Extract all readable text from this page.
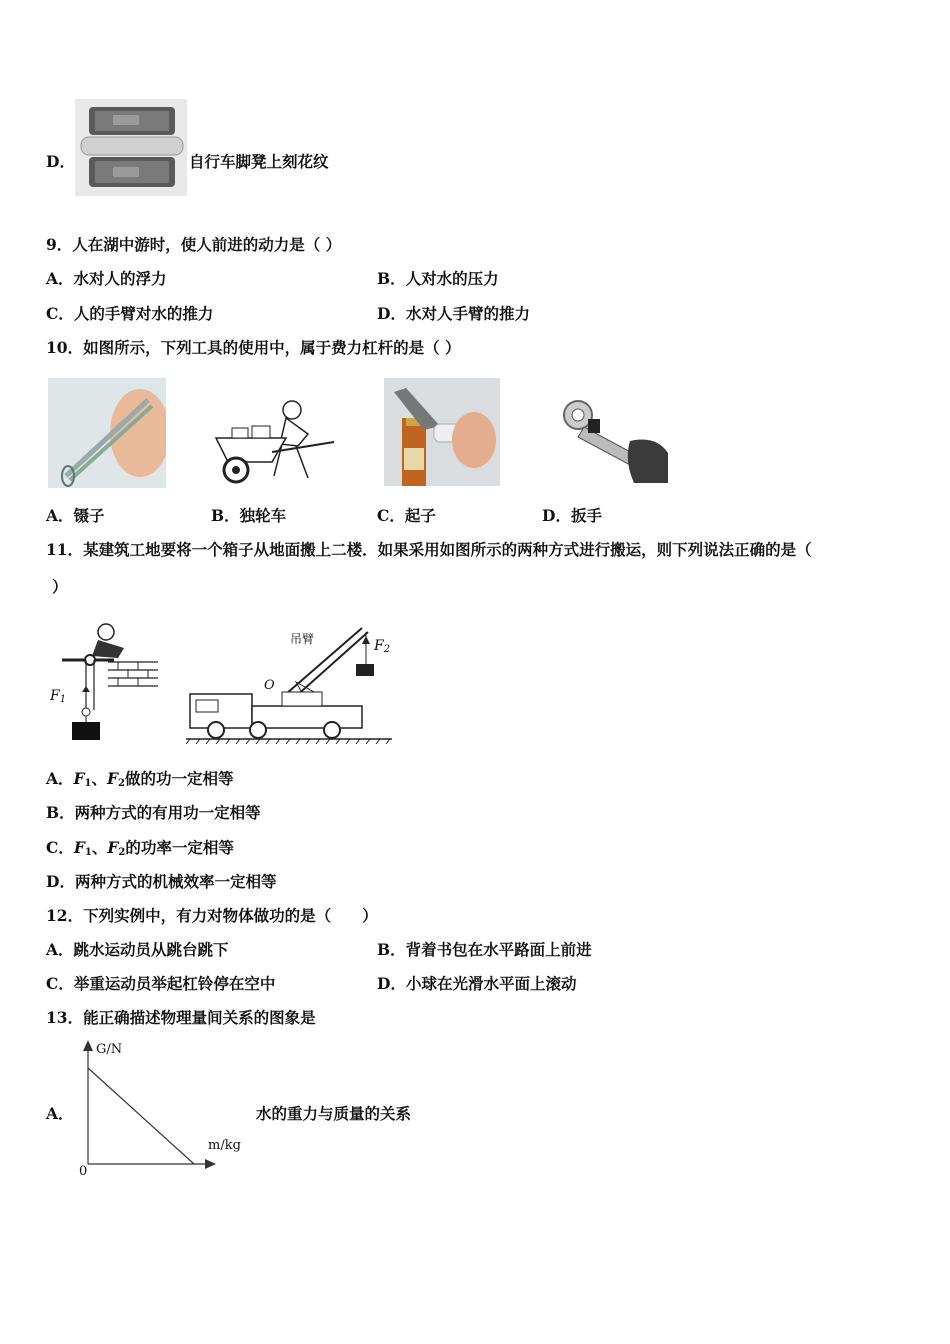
D．	自行车脚凳上刻花纹
9．人在湖中游时，使人前进的动力是（ ）
A．水对人的浮力	B．人对水的压力
C．人的手臂对水的推力	D．水对人手臂的推力
10．如图所示，下列工具的使用中，属于费力杠杆的是（ ）
A．镊子	B．独轮车	C．起子	D．扳手
11．某建筑工地要将一个箱子从地面搬上二楼．如果采用如图所示的两种方式进行搬运，则下列说法正确的是（
）
$F_1$
吊臂
O
$F_2$
A．$F_1$、$F_2$做的功一定相等
B．两种方式的有用功一定相等
C．$F_1$、$F_2$的功率一定相等
D．两种方式的机械效率一定相等
12．下列实例中，有力对物体做功的是（　　）
A．跳水运动员从跳台跳下	B．背着书包在水平路面上前进
C．举重运动员举起杠铃停在空中	D．小球在光滑水平面上滚动
13．能正确描述物理量间关系的图象是
G/N
m/kg
0
A．	水的重力与质量的关系
